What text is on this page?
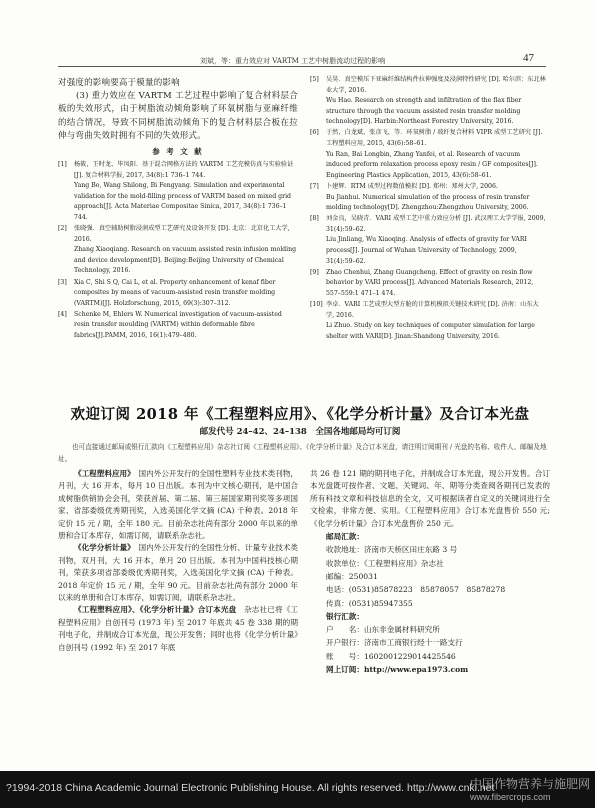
刘斌，等：重力效应对 VARTM 工艺中树脂流动过程的影响	47

对强度的影响要高于模量的影响

(3) 重力效应在 VARTM 工艺过程中影响了复合材料层合板的失效形式，由于树脂流动倾角影响了环氧树脂与亚麻纤维的结合情况，导致不同树脂流动倾角下的复合材料层合板在拉伸与弯曲失效时拥有不同的失效形式。

参 考 文 献
[1]	杨筱，王时龙，毕凤阳．基于混合网格方法的 VARTM 工艺充模仿真与实验验证 [J]. 复合材料学报, 2017, 34(8):1 736–1 744.
Yang Bo, Wang Shilong, Bi Fengyang. Simulation and experimental validation for the mold-filling process of VARTM based on mixed grid approach[J]. Acta Materiae Compositae Sinica, 2017, 34(8):1 736–1 744.
[2]	张晓强．真空辅助树脂浸润成型工艺研究及设备开发 [D]. 北京：北京化工大学, 2016.
Zhang Xiaoqiang. Research on vacuum assisted resin infusion molding and device development[D]. Beijing:Beijing University of Chemical Technology, 2016.
[3]	Xia C, Shi S Q, Cai L, et al. Property enhancement of kenaf fiber composites by means of vacuum-assisted resin transfer molding (VARTM)[J]. Holzforschung, 2015, 69(3):307–312.
[4]	Schenke M, Ehlers W. Numerical investigation of vacuum-assisted resin transfer moulding (VARTM) within deformable fibre fabrics[J].PAMM, 2016, 16(1):479–480.
[5]	吴昊．真空模压下亚麻纤维结构件拉伸强度及浸润特性研究 [D]. 哈尔滨：东北林业大学, 2016.
Wu Hao. Research on strength and infiltration of the flax fiber structure through the vacuum assisted resin transfer molding technology[D]. Harbin:Northeast Forestry University, 2016.
[6]	于然，白龙斌，张彦飞，等．环氧树脂 / 玻纤复合材料 VIPR 成型工艺研究 [J]. 工程塑料应用, 2015, 43(6):58–61.
Yu Ran, Bai Longbin, Zhang Yanfei, et al. Research of vacuum induced preform relaxation process epoxy resin / GF composites[J]. Engineering Plastics Application, 2015, 43(6):58–61.
[7]	卜建辉．RTM 成型过程数值模拟 [D]. 郑州：郑州大学, 2006.
Bu Jianhui. Numerical simulation of the process of resin transfer molding technology[D]. Zhengzhou:Zhengzhou University, 2006.
[8]	刘金良，吴晓青．VARI 成型工艺中重力效应分析 [J]. 武汉理工大学学报, 2009, 31(4):59–62.
Liu Jinliang, Wu Xiaoqing. Analysis of effects of gravity for VARI process[J]. Journal of Wuhan University of Technology, 2009, 31(4):59–62.
[9]	Zhao Chenhui, Zhang Guangcheng. Effect of gravity on resin flow behavior by VARI process[J]. Advanced Materials Research, 2012, 557–559:1 471–1 474.
[10] 李卓．VARI 工艺成型大型方舱的计算机模拟关键技术研究 [D]. 济南：山东大学, 2016.
Li Zhuo. Study on key techniques of computer simulation for large shelter with VARI[D]. Jinan:Shandong University, 2016.
欢迎订阅 2018 年《工程塑料应用》、《化学分析计量》及合订本光盘
邮发代号 24–42、24–138　全国各地邮局均可订阅
也可直接通过邮局或银行汇款向《工程塑料应用》杂志社订阅《工程塑料应用》、《化学分析计量》及合订本光盘，请注明订阅期刊 / 光盘的名称、收件人、邮编及地址。

《工程塑料应用》　 国内外公开发行的全国性塑料专业技术类刊物，月刊，大 16 开本，每月 10 日出版。本刊为中文核心期刊，是中国合成树脂供销协会会刊，荣获首届、第二届、第三届国家期刊奖等多项国家、省部委级优秀期刊奖，入选美国化学文摘 (CA) 千种表。2018 年定价 15 元 / 期，全年 180 元。目前杂志社尚有部分 2000 年以来的单册和合订本库存，如需订阅，请联系杂志社。

《化学分析计量》　 国内外公开发行的全国性分析、计量专业技术类刊物，双月刊，大 16 开本，单月 20 日出版。本刊为中国科技核心期刊，荣获多项省部委级优秀期刊奖，入选美国化学文摘 (CA) 千种表。2018 年定价 15 元 / 期，全年 90 元。目前杂志社尚有部分 2000 年以来的单册和合订本库存，如需订阅，请联系杂志社。

《工程塑料应用》、《化学分析计量》合订本光盘　 杂志社已将《工程塑料应用》自创刊号 (1973 年) 至 2017 年底共 45 卷 338 期的期刊电子化，并制成合订本光盘，现公开发售；同时也将《化学分析计量》自创刊号 (1992 年) 至 2017 年底

共 26 卷 121 期的期刊电子化，并制成合订本光盘，现公开发售。合订本光盘既可按作者、文题、关键词、年、期等分类查阅各期刊已发表的所有科技文章和科技信息的全文，又可根据读者自定义的关键词进行全文检索，非常方便、实用。《工程塑料应用》合订本光盘售价 550 元;《化学分析计量》合订本光盘售价 250 元。

邮局汇款：

收款地址：济南市天桥区田庄东路 3 号

收款单位：《工程塑料应用》杂志社

邮编：250031

电话：(0531)85878223　85878057　85878278

传真：(0531)85947355

银行汇款：

户　　名：山东非金属材料研究所

开户银行：济南市工商银行经十一路支行

账　　号：1602001229014425546

网上订阅：http://www.epa1973.com

?1994-2018 China Academic Journal Electronic Publishing House. All rights reserved. http://www.cnki.net
中国作物营养与施肥网
www.fibercrops.com
